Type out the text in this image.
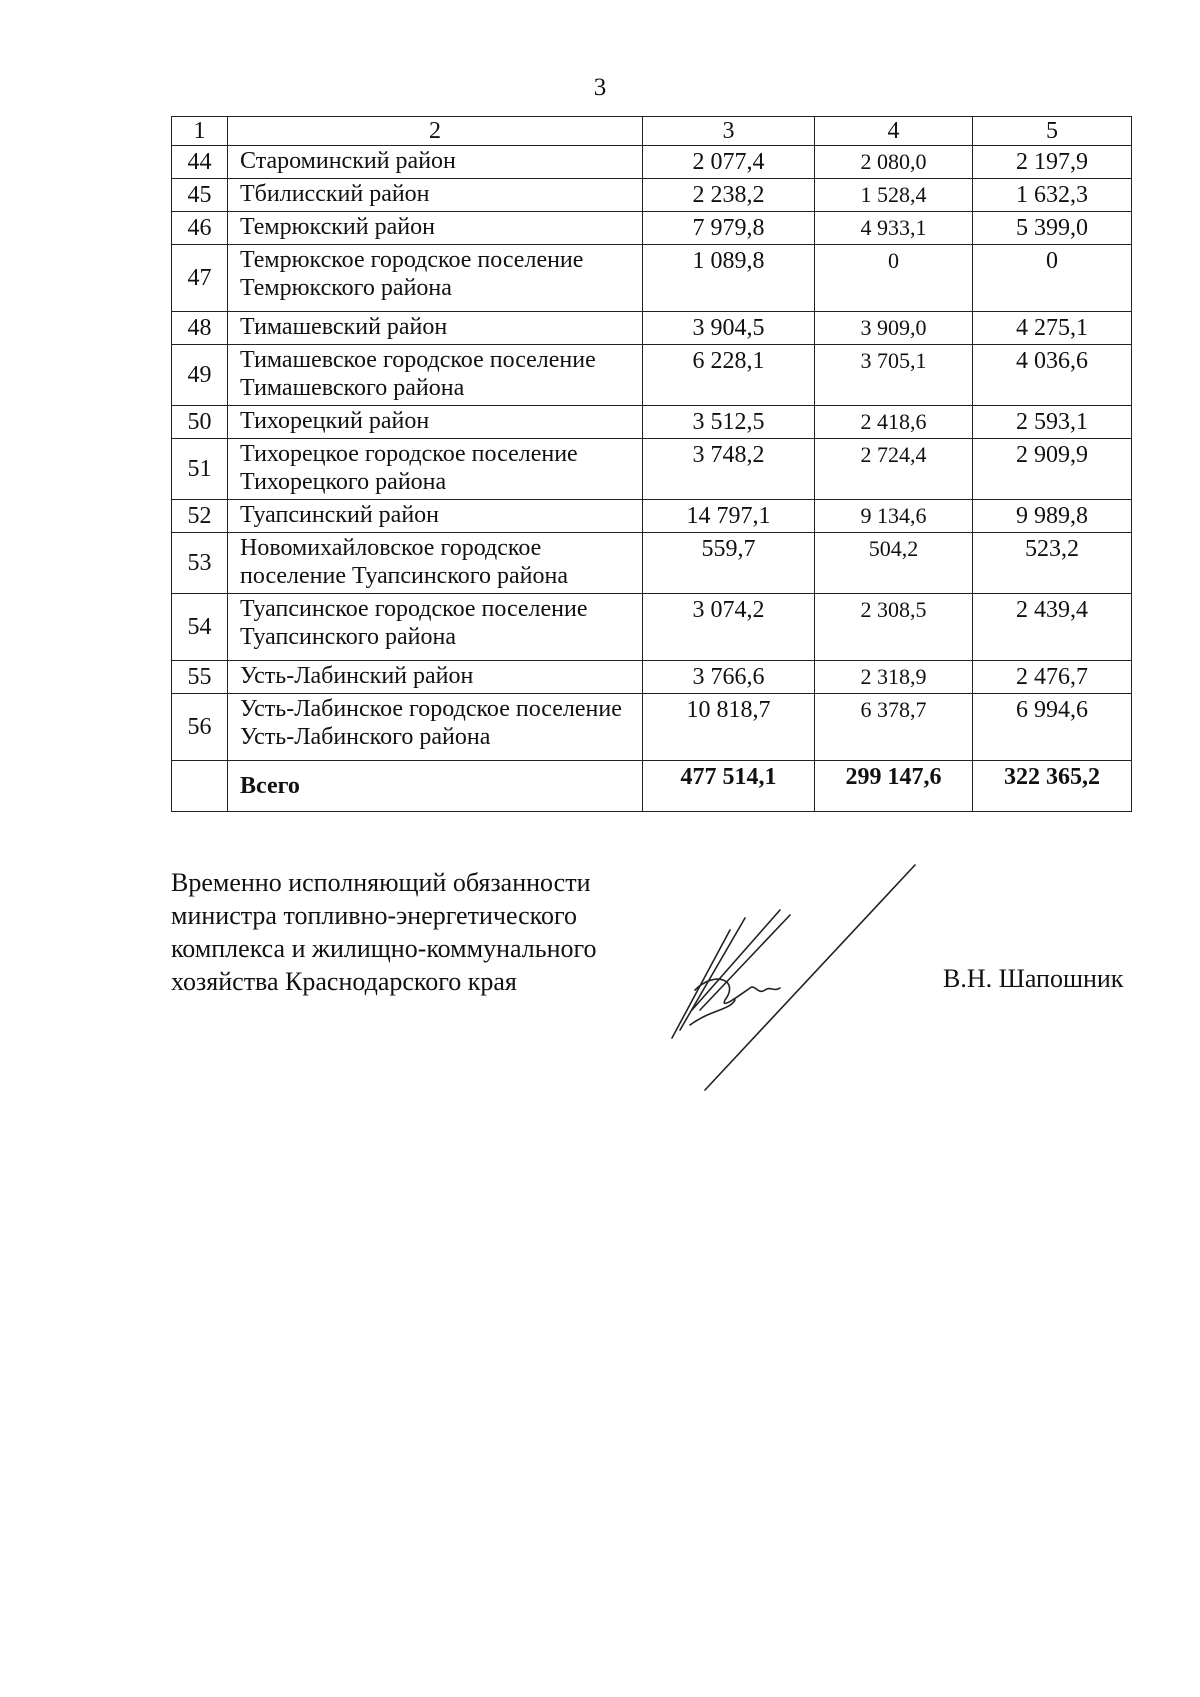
3
1	2	3	4	5
44	Староминский район	2 077,4	2 080,0	2 197,9
45	Тбилисский район	2 238,2	1 528,4	1 632,3
46	Темрюкский район	7 979,8	4 933,1	5 399,0
47	Темрюкское городское поселение Темрюкского района	1 089,8	0	0
48	Тимашевский район	3 904,5	3 909,0	4 275,1
49	Тимашевское городское поселение Тимашевского района	6 228,1	3 705,1	4 036,6
50	Тихорецкий район	3 512,5	2 418,6	2 593,1
51	Тихорецкое городское поселение Тихорецкого района	3 748,2	2 724,4	2 909,9
52	Туапсинский район	14 797,1	9 134,6	9 989,8
53	Новомихайловское городское поселение Туапсинского района	559,7	504,2	523,2
54	Туапсинское городское поселение Туапсинского района	3 074,2	2 308,5	2 439,4
55	Усть-Лабинский район	3 766,6	2 318,9	2 476,7
56	Усть-Лабинское городское поселение Усть-Лабинского района	10 818,7	6 378,7	6 994,6
	Всего	477 514,1	299 147,6	322 365,2
Временно исполняющий обязанности
министра топливно-энергетического
комплекса и жилищно-коммунального
хозяйства Краснодарского края	В.Н. Шапошник
